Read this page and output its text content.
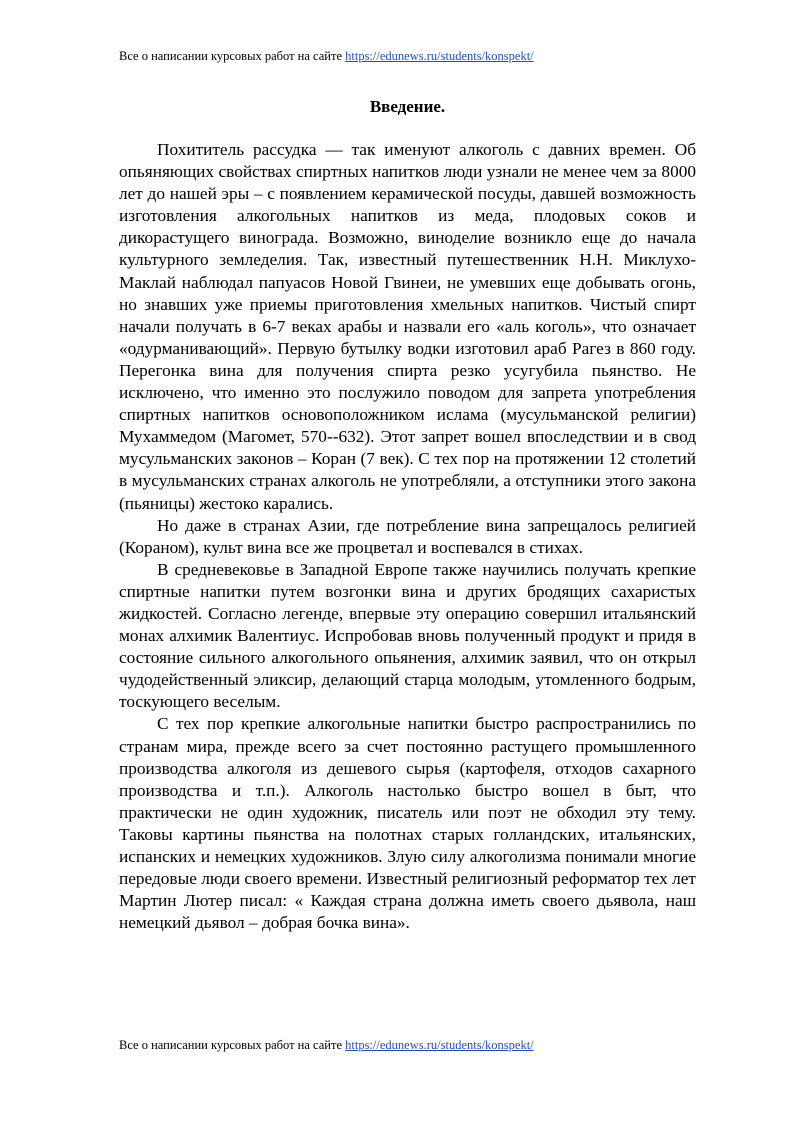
Все о написании курсовых работ на сайте https://edunews.ru/students/konspekt/
Введение.

Похититель рассудка — так именуют алкоголь с давних времен. Об опьяняющих свойствах спиртных напитков люди узнали не менее чем за 8000 лет до нашей эры – с появлением керамической посуды, давшей возможность изготовления алкогольных напитков из меда, плодовых соков и дикорастущего винограда. Возможно, виноделие возникло еще до начала культурного земледелия. Так, известный путешественник Н.Н. Миклухо-Маклай наблюдал папуасов Новой Гвинеи, не умевших еще добывать огонь, но знавших уже приемы приготовления хмельных напитков. Чистый спирт начали получать в 6-7 веках арабы и назвали его «аль коголь», что означает «одурманивающий». Первую бутылку водки изготовил араб Рагез в 860 году. Перегонка вина для получения спирта резко усугубила пьянство. Не исключено, что именно это послужило поводом для запрета употребления спиртных напитков основоположником ислама (мусульманской религии) Мухаммедом (Магомет, 570--632). Этот запрет вошел впоследствии и в свод мусульманских законов – Коран (7 век). С тех пор на протяжении 12 столетий в мусульманских странах алкоголь не употребляли, а отступники этого закона (пьяницы) жестоко карались.

Но даже в странах Азии, где потребление вина запрещалось религией (Кораном), культ вина все же процветал и воспевался в стихах.

В средневековье в Западной Европе также научились получать крепкие спиртные напитки путем возгонки вина и других бродящих сахаристых жидкостей. Согласно легенде, впервые эту операцию совершил итальянский монах алхимик Валентиус. Испробовав вновь полученный продукт и придя в состояние сильного алкогольного опьянения, алхимик заявил, что он открыл чудодейственный эликсир, делающий старца молодым, утомленного бодрым, тоскующего веселым.

С тех пор крепкие алкогольные напитки быстро распространились по странам мира, прежде всего за счет постоянно растущего промышленного производства алкоголя из дешевого сырья (картофеля, отходов сахарного производства и т.п.). Алкоголь настолько быстро вошел в быт, что практически не один художник, писатель или поэт не обходил эту тему. Таковы картины пьянства на полотнах старых голландских, итальянских, испанских и немецких художников. Злую силу алкоголизма понимали многие передовые люди своего времени. Известный религиозный реформатор тех лет Мартин Лютер писал: « Каждая страна должна иметь своего дьявола, наш немецкий дьявол – добрая бочка вина».

Все о написании курсовых работ на сайте https://edunews.ru/students/konspekt/
